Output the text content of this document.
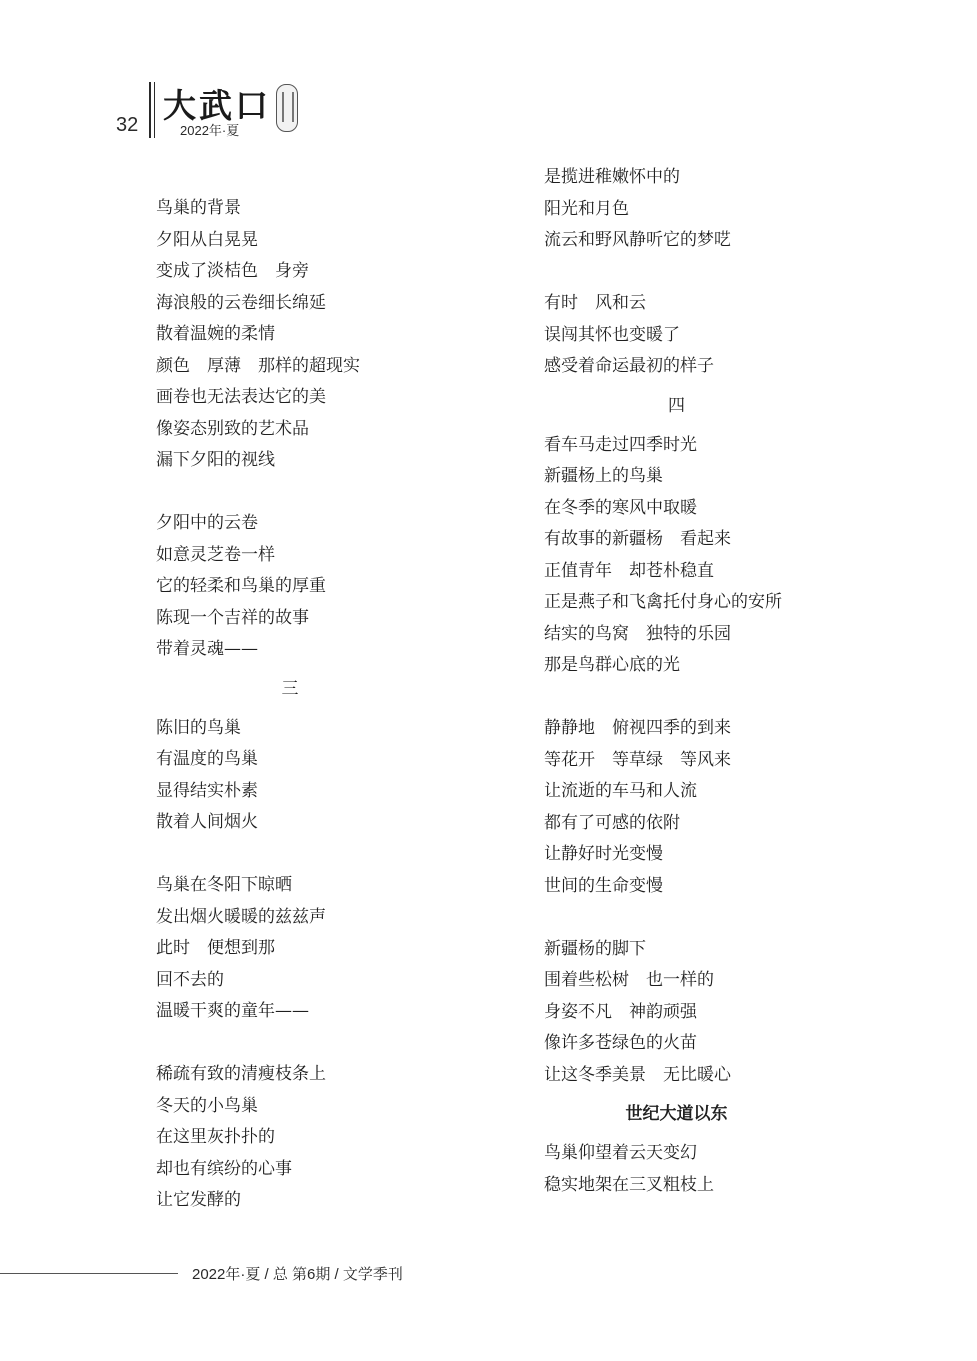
32 大武口
2022年·夏
鸟巢的背景
夕阳从白晃晃
变成了淡桔色　身旁
海浪般的云卷细长绵延
散着温婉的柔情
颜色　厚薄　那样的超现实
画卷也无法表达它的美
像姿态别致的艺术品
漏下夕阳的视线
夕阳中的云卷
如意灵芝卷一样
它的轻柔和鸟巢的厚重
陈现一个吉祥的故事
带着灵魂——
三
陈旧的鸟巢
有温度的鸟巢
显得结实朴素
散着人间烟火
鸟巢在冬阳下晾晒
发出烟火暖暖的兹兹声
此时　便想到那
回不去的
温暖干爽的童年——
稀疏有致的清瘦枝条上
冬天的小鸟巢
在这里灰扑扑的
却也有缤纷的心事
让它发酵的
是揽进稚嫩怀中的
阳光和月色
流云和野风静听它的梦呓
有时　风和云
误闯其怀也变暖了
感受着命运最初的样子
四
看车马走过四季时光
新疆杨上的鸟巢
在冬季的寒风中取暖
有故事的新疆杨　看起来
正值青年　却苍朴稳直
正是燕子和飞禽托付身心的安所
结实的鸟窝　独特的乐园
那是鸟群心底的光
静静地　俯视四季的到来
等花开　等草绿　等风来
让流逝的车马和人流
都有了可感的依附
让静好时光变慢
世间的生命变慢
新疆杨的脚下
围着些松树　也一样的
身姿不凡　神韵顽强
像许多苍绿色的火苗
让这冬季美景　无比暖心
世纪大道以东
鸟巢仰望着云天变幻
稳实地架在三叉粗枝上
2022年·夏 / 总 第6期 / 文学季刊
